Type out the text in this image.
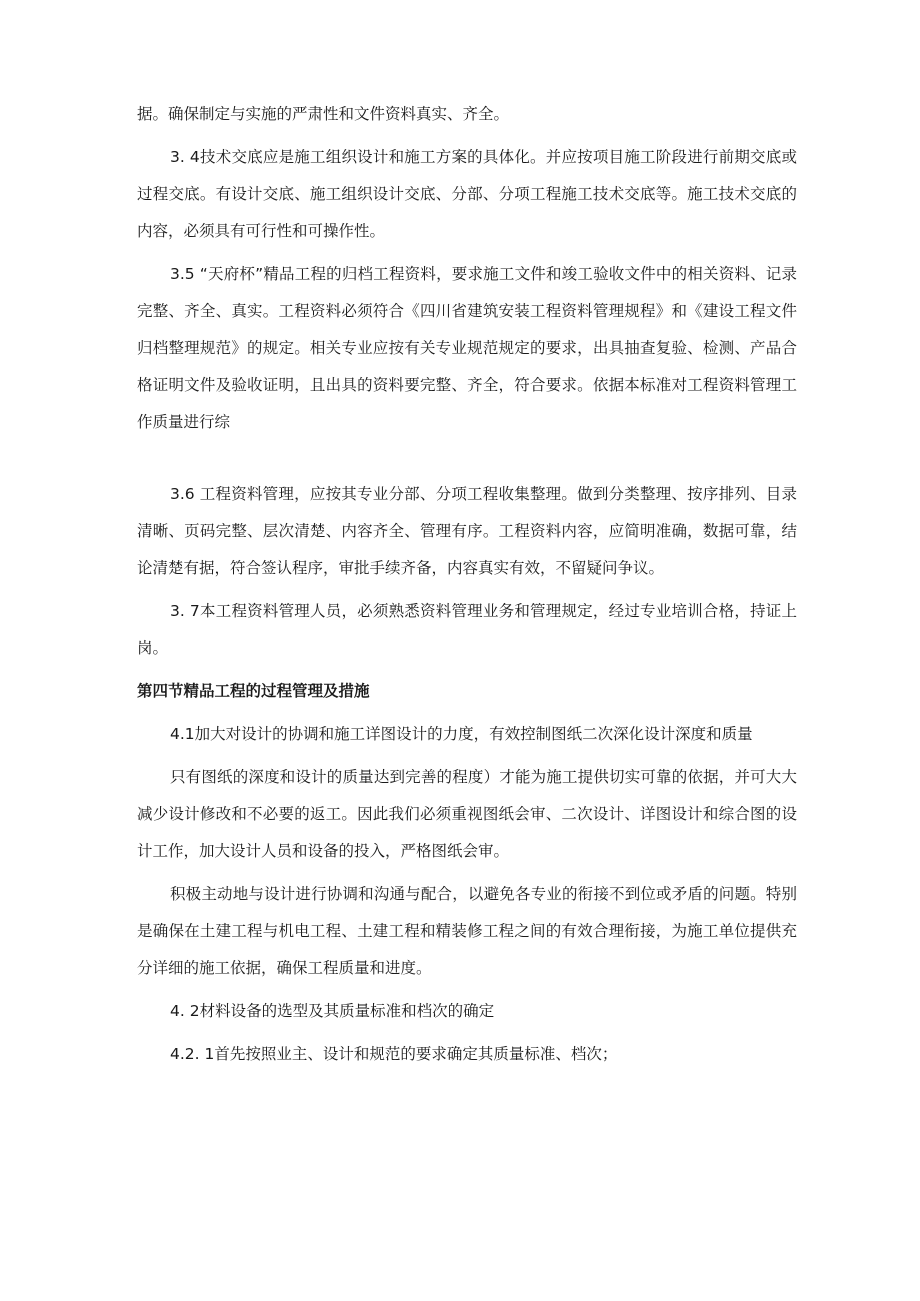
据。确保制定与实施的严肃性和文件资料真实、齐全。

3. 4技术交底应是施工组织设计和施工方案的具体化。并应按项目施工阶段进行前期交底或过程交底。有设计交底、施工组织设计交底、分部、分项工程施工技术交底等。施工技术交底的内容，必须具有可行性和可操作性。

3.5 “天府杯”精品工程的归档工程资料，要求施工文件和竣工验收文件中的相关资料、记录完整、齐全、真实。工程资料必须符合《四川省建筑安装工程资料管理规程》和《建设工程文件归档整理规范》的规定。相关专业应按有关专业规范规定的要求，出具抽查复验、检测、产品合格证明文件及验收证明，且出具的资料要完整、齐全，符合要求。依据本标准对工程资料管理工作质量进行综

3.6 工程资料管理，应按其专业分部、分项工程收集整理。做到分类整理、按序排列、目录清晰、页码完整、层次清楚、内容齐全、管理有序。工程资料内容，应简明准确，数据可靠，结论清楚有据，符合签认程序，审批手续齐备，内容真实有效，不留疑问争议。

3. 7本工程资料管理人员，必须熟悉资料管理业务和管理规定，经过专业培训合格，持证上岗。

第四节精品工程的过程管理及措施

4.1加大对设计的协调和施工详图设计的力度，有效控制图纸二次深化设计深度和质量

只有图纸的深度和设计的质量达到完善的程度）才能为施工提供切实可靠的依据，并可大大减少设计修改和不必要的返工。因此我们必须重视图纸会审、二次设计、详图设计和综合图的设计工作，加大设计人员和设备的投入，严格图纸会审。

积极主动地与设计进行协调和沟通与配合，以避免各专业的衔接不到位或矛盾的问题。特别是确保在土建工程与机电工程、土建工程和精装修工程之间的有效合理衔接，为施工单位提供充分详细的施工依据，确保工程质量和进度。

4. 2材料设备的选型及其质量标准和档次的确定

4.2. 1首先按照业主、设计和规范的要求确定其质量标准、档次；
